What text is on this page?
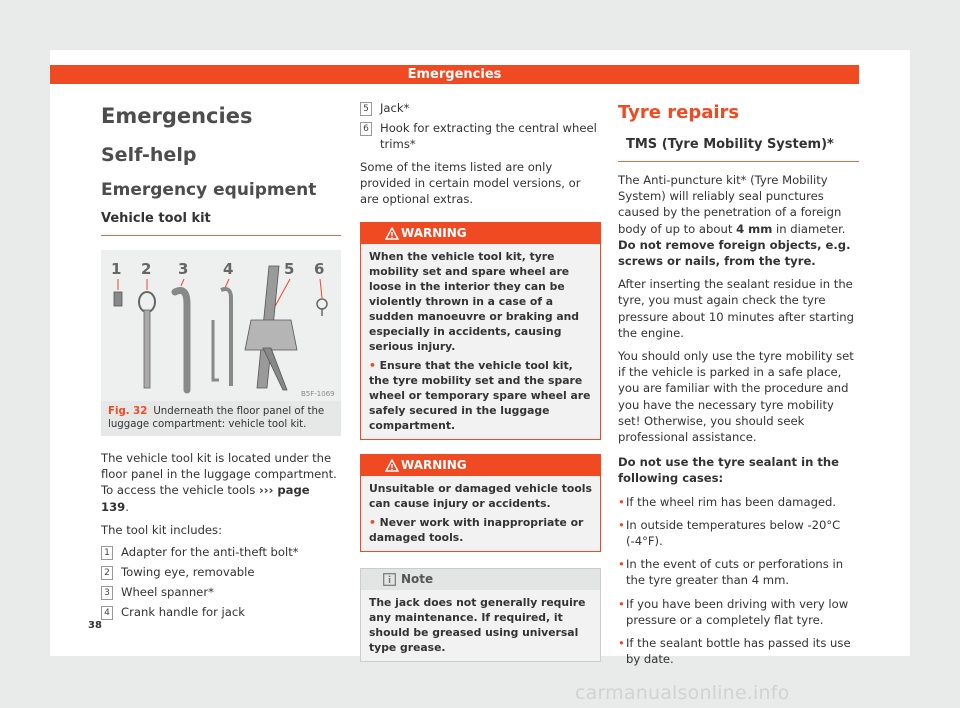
Emergencies
Emergencies
Self-help
Emergency equipment
Vehicle tool kit
1 2 3 4	5 6
B5F-1069
Fig. 32 Underneath the floor panel of the luggage compartment: vehicle tool kit.

The vehicle tool kit is located under the floor panel in the luggage compartment. To access the vehicle tools ››› page 139.

The tool kit includes:

1 Adapter for the anti-theft bolt*
2 Towing eye, removable
3 Wheel spanner*
4 Crank handle for jack
5 Jack*
6 Hook for extracting the central wheel trims*

Some of the items listed are only provided in certain model versions, or are optional extras.

WARNING
When the vehicle tool kit, tyre mobility set and spare wheel are loose in the interior they can be violently thrown in a case of a sudden manoeuvre or braking and especially in accidents, causing serious injury.
• Ensure that the vehicle tool kit, the tyre mobility set and the spare wheel or temporary spare wheel are safely secured in the luggage compartment.
WARNING
Unsuitable or damaged vehicle tools can cause injury or accidents.
• Never work with inappropriate or damaged tools.
Note
The jack does not generally require any maintenance. If required, it should be greased using universal type grease.
Tyre repairs
TMS (Tyre Mobility System)*

The Anti-puncture kit* (Tyre Mobility System) will reliably seal punctures caused by the penetration of a foreign body of up to about 4 mm in diameter. Do not remove foreign objects, e.g. screws or nails, from the tyre.

After inserting the sealant residue in the tyre, you must again check the tyre pressure about 10 minutes after starting the engine.

You should only use the tyre mobility set if the vehicle is parked in a safe place, you are familiar with the procedure and you have the necessary tyre mobility set! Otherwise, you should seek professional assistance.

Do not use the tyre sealant in the following cases:

• If the wheel rim has been damaged.
• In outside temperatures below -20°C (-4°F).
• In the event of cuts or perforations in the tyre greater than 4 mm.
• If you have been driving with very low pressure or a completely flat tyre.
• If the sealant bottle has passed its use by date.
38
carmanualsonline.info
